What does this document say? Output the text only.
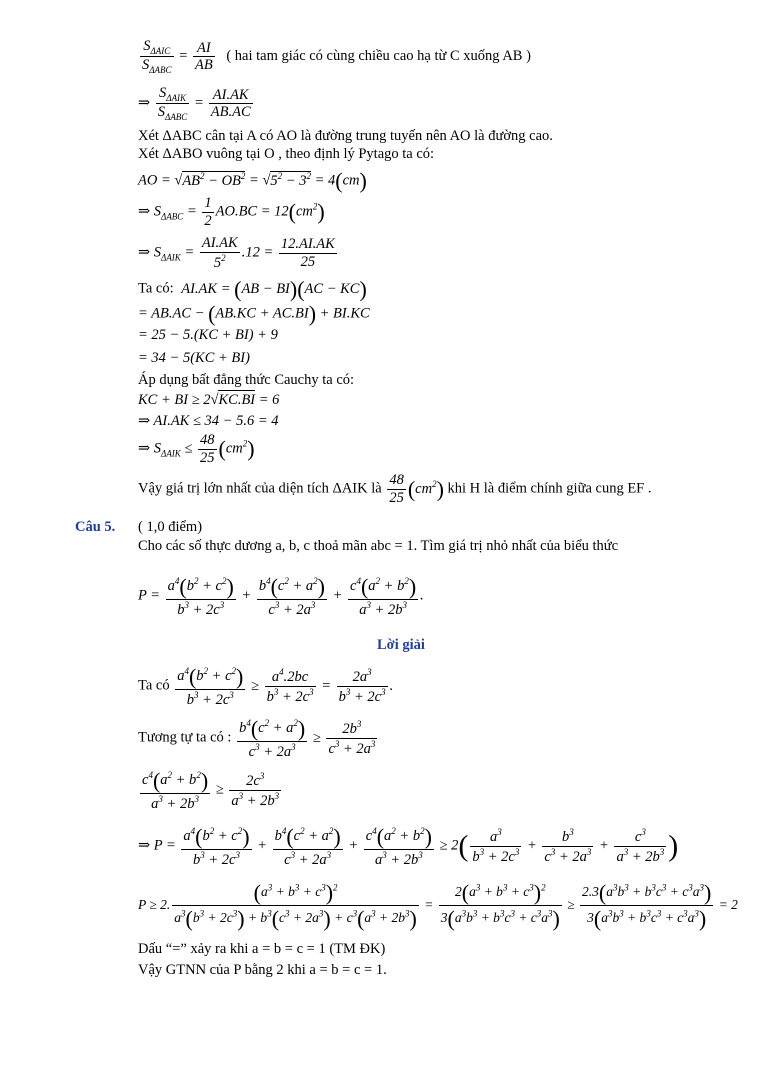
$\frac{S_{\Delta AIC}}{S_{\Delta ABC}} = \frac{AI}{AB}$ ( hai tam giác có cùng chiều cao hạ từ C xuống AB )
⇒ $\frac{S_{\Delta AIK}}{S_{\Delta ABC}} = \frac{AI.AK}{AB.AC}$
Xét ΔABC cân tại A có AO là đường trung tuyến nên AO là đường cao.
Xét ΔABO vuông tại O , theo định lý Pytago ta có:
AO = $√AB^2 - OB^2 = √5^2 - 3^2 = 4(cm)$
⇒ $S_{\Delta ABC} = \frac{1}{2} AO.BC = 12(cm^2)$
⇒ $S_{\Delta AIK} = \frac{AI.AK}{5^2} .12 = \frac{12.AI.AK}{25}$
Ta có: AI.AK = (AB − BI)(AC − KC)
= AB.AC − (AB.KC + AC.BI) + BI.KC
= 25 − 5.(KC + BI) + 9
= 34 − 5(KC + BI)
Áp dụng bất đẳng thức Cauchy ta có:
KC + BI ≥ 2√KC.BI = 6
⇒ AI.AK ≤ 34 − 5.6 = 4
⇒ $S_{\Delta AIK} \le \frac{48}{25} (cm^2)$
Vậy giá trị lớn nhất của diện tích ΔAIK là $\frac{48}{25} (cm^2)$ khi H là điểm chính giữa cung EF .
Câu 5. ( 1,0 điểm)
Cho các số thực dương a, b, c thoả mãn abc = 1. Tìm giá trị nhỏ nhất của biểu thức
$P = \frac{a^4(b^2 + c^2)}{b^3 + 2c^3} + \frac{b^4(c^2 + a^2)}{c^3 + 2a^3} + \frac{c^4(a^2 + b^2)}{a^3 + 2b^3}$ .
Lời giải
Ta có $\frac{a^4(b^2 + c^2)}{b^3 + 2c^3} \ge \frac{a^4.2bc}{b^3 + 2c^3} = \frac{2a^3}{b^3 + 2c^3}$ .
Tương tự ta có : $\frac{b^4(c^2 + a^2)}{c^3 + 2a^3} \ge \frac{2b^3}{c^3 + 2a^3}$
$\frac{c^4(a^2 + b^2)}{a^3 + 2b^3} \ge \frac{2c^3}{a^3 + 2b^3}$
⇒ $P = \frac{a^4(b^2 + c^2)}{b^3 + 2c^3} + \frac{b^4(c^2 + a^2)}{c^3 + 2a^3} + \frac{c^4(a^2 + b^2)}{a^3 + 2b^3} \ge 2( \frac{a^3}{b^3 + 2c^3} + \frac{b^3}{c^3 + 2a^3} + \frac{c^3}{a^3 + 2b^3}$ )
P ≥ 2. $\frac{(a^3 + b^3 + c^3)^2}{a^3(b^3 + 2c^3) + b^3(c^3 + 2a^3) + c^3(a^3 + 2b^3)} = \frac{2(a^3 + b^3 + c^3)^2}{3(a^3b^3 + b^3c^3 + c^3a^3)} \ge \frac{2.3(a^3b^3 + b^3c^3 + c^3a^3)}{3(a^3b^3 + b^3c^3 + c^3a^3)} = 2$
Dấu “=” xảy ra khi a = b = c = 1 (TM ĐK)
Vậy GTNN của P bằng 2 khi a = b = c = 1.
